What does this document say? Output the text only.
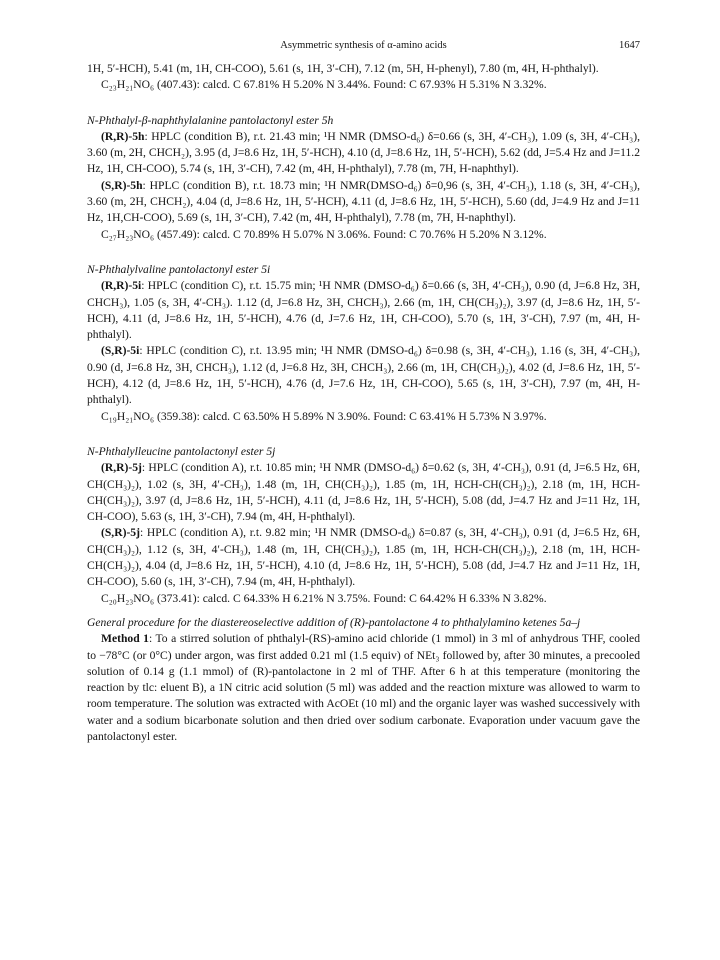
Asymmetric synthesis of α-amino acids	1647

1H, 5′-HCH), 5.41 (m, 1H, CH-COO), 5.61 (s, 1H, 3′-CH), 7.12 (m, 5H, H-phenyl), 7.80 (m, 4H, H-phthalyl).

C₂₃H₂₁NO₆ (407.43): calcd. C 67.81% H 5.20% N 3.44%. Found: C 67.93% H 5.31% N 3.32%.

N-Phthalyl-β-naphthylalanine pantolactonyl ester 5h

(R,R)-5h: HPLC (condition B), r.t. 21.43 min; ¹H NMR (DMSO-d₆) δ=0.66 (s, 3H, 4′-CH₃), 1.09 (s, 3H, 4′-CH₃), 3.60 (m, 2H, CHCH₂), 3.95 (d, J=8.6 Hz, 1H, 5′-HCH), 4.10 (d, J=8.6 Hz, 1H, 5′-HCH), 5.62 (dd, J=5.4 Hz and J=11.2 Hz, 1H, CH-COO), 5.74 (s, 1H, 3′-CH), 7.42 (m, 4H, H-phthalyl), 7.78 (m, 7H, H-naphthyl).

(S,R)-5h: HPLC (condition B), r.t. 18.73 min; ¹H NMR(DMSO-d₆) δ=0,96 (s, 3H, 4′-CH₃), 1.18 (s, 3H, 4′-CH₃), 3.60 (m, 2H, CHCH₂), 4.04 (d, J=8.6 Hz, 1H, 5′-HCH), 4.11 (d, J=8.6 Hz, 1H, 5′-HCH), 5.60 (dd, J=4.9 Hz and J=11 Hz, 1H,CH-COO), 5.69 (s, 1H, 3′-CH), 7.42 (m, 4H, H-phthalyl), 7.78 (m, 7H, H-naphthyl).

C₂₇H₂₃NO₆ (457.49): calcd. C 70.89% H 5.07% N 3.06%. Found: C 70.76% H 5.20% N 3.12%.

N-Phthalylvaline pantolactonyl ester 5i

(R,R)-5i: HPLC (condition C), r.t. 15.75 min; ¹H NMR (DMSO-d₆) δ=0.66 (s, 3H, 4′-CH₃), 0.90 (d, J=6.8 Hz, 3H, CHCH₃), 1.05 (s, 3H, 4′-CH₃). 1.12 (d, J=6.8 Hz, 3H, CHCH₃), 2.66 (m, 1H, CH(CH₃)₂), 3.97 (d, J=8.6 Hz, 1H, 5′-HCH), 4.11 (d, J=8.6 Hz, 1H, 5′-HCH), 4.76 (d, J=7.6 Hz, 1H, CH-COO), 5.70 (s, 1H, 3′-CH), 7.97 (m, 4H, H-phthalyl).

(S,R)-5i: HPLC (condition C), r.t. 13.95 min; ¹H NMR (DMSO-d₆) δ=0.98 (s, 3H, 4′-CH₃), 1.16 (s, 3H, 4′-CH₃), 0.90 (d, J=6.8 Hz, 3H, CHCH₃), 1.12 (d, J=6.8 Hz, 3H, CHCH₃), 2.66 (m, 1H, CH(CH₃)₂), 4.02 (d, J=8.6 Hz, 1H, 5′-HCH), 4.12 (d, J=8.6 Hz, 1H, 5′-HCH), 4.76 (d, J=7.6 Hz, 1H, CH-COO), 5.65 (s, 1H, 3′-CH), 7.97 (m, 4H, H-phthalyl).

C₁₉H₂₁NO₆ (359.38): calcd. C 63.50% H 5.89% N 3.90%. Found: C 63.41% H 5.73% N 3.97%.

N-Phthalylleucine pantolactonyl ester 5j

(R,R)-5j: HPLC (condition A), r.t. 10.85 min; ¹H NMR (DMSO-d₆) δ=0.62 (s, 3H, 4′-CH₃), 0.91 (d, J=6.5 Hz, 6H, CH(CH₃)₂), 1.02 (s, 3H, 4′-CH₃), 1.48 (m, 1H, CH(CH₃)₂), 1.85 (m, 1H, HCH-CH(CH₃)₂), 2.18 (m, 1H, HCH-CH(CH₃)₂), 3.97 (d, J=8.6 Hz, 1H, 5′-HCH), 4.11 (d, J=8.6 Hz, 1H, 5′-HCH), 5.08 (dd, J=4.7 Hz and J=11 Hz, 1H, CH-COO), 5.63 (s, 1H, 3′-CH), 7.94 (m, 4H, H-phthalyl).

(S,R)-5j: HPLC (condition A), r.t. 9.82 min; ¹H NMR (DMSO-d₆) δ=0.87 (s, 3H, 4′-CH₃), 0.91 (d, J=6.5 Hz, 6H, CH(CH₃)₂), 1.12 (s, 3H, 4′-CH₃), 1.48 (m, 1H, CH(CH₃)₂), 1.85 (m, 1H, HCH-CH(CH₃)₂), 2.18 (m, 1H, HCH-CH(CH₃)₂), 4.04 (d, J=8.6 Hz, 1H, 5′-HCH), 4.10 (d, J=8.6 Hz, 1H, 5′-HCH), 5.08 (dd, J=4.7 Hz and J=11 Hz, 1H, CH-COO), 5.60 (s, 1H, 3′-CH), 7.94 (m, 4H, H-phthalyl).

C₂₀H₂₃NO₆ (373.41): calcd. C 64.33% H 6.21% N 3.75%. Found: C 64.42% H 6.33% N 3.82%.

General procedure for the diastereoselective addition of (R)-pantolactone 4 to phthalylamino ketenes 5a–j

Method 1: To a stirred solution of phthalyl-(RS)-amino acid chloride (1 mmol) in 3 ml of anhydrous THF, cooled to −78°C (or 0°C) under argon, was first added 0.21 ml (1.5 equiv) of NEt₃ followed by, after 30 minutes, a precooled solution of 0.14 g (1.1 mmol) of (R)-pantolactone in 2 ml of THF. After 6 h at this temperature (monitoring the reaction by tlc: eluent B), a 1N citric acid solution (5 ml) was added and the reaction mixture was allowed to warm to room temperature. The solution was extracted with AcOEt (10 ml) and the organic layer was washed successively with water and a sodium bicarbonate solution and then dried over sodium carbonate. Evaporation under vacuum gave the pantolactonyl ester.
